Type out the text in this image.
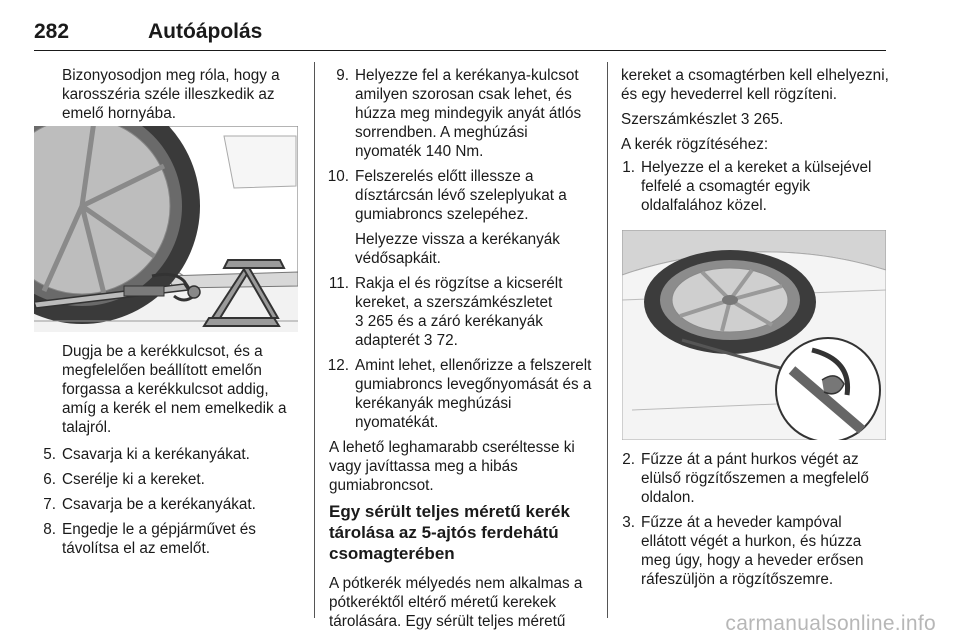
282	Autóápolás

Bizonyosodjon meg róla, hogy a karosszéria széle illeszkedik az emelő hornyába.

Dugja be a kerékkulcsot, és a megfelelően beállított emelőn forgassa a kerékkulcsot addig, amíg a kerék el nem emelkedik a talajról.

5. Csavarja ki a kerékanyákat.
6. Cserélje ki a kereket.
7. Csavarja be a kerékanyákat.
8. Engedje le a gépjárművet és távolítsa el az emelőt.
9. Helyezze fel a kerékanya-kulcsot amilyen szorosan csak lehet, és húzza meg mindegyik anyát átlós sorrendben. A meghúzási nyomaték 140 Nm.
10. Felszerelés előtt illessze a dísztárcsán lévő szeleplyukat a gumiabroncs szelepéhez.

Helyezze vissza a kerékanyák védősapkáit.

11. Rakja el és rögzítse a kicserélt kereket, a szerszámkészletet
3 265 és a záró kerékanyák adapterét 3 72.
12. Amint lehet, ellenőrizze a felszerelt gumiabroncs levegőnyomását és a kerékanyák meghúzási nyomatékát.

A lehető leghamarabb cseréltesse ki vagy javíttassa meg a hibás gumiabroncsot.

Egy sérült teljes méretű kerék tárolása az 5-ajtós ferdehátú csomagterében

A pótkerék mélyedés nem alkalmas a pótkeréktől eltérő méretű kerekek tárolására. Egy sérült teljes méretű

kereket a csomagtérben kell elhelyezni, és egy hevederrel kell rögzíteni.

Szerszámkészlet 3 265.

A kerék rögzítéséhez:

1. Helyezze el a kereket a külsejével felfelé a csomagtér egyik oldalfalához közel.
2. Fűzze át a pánt hurkos végét az elülső rögzítőszemen a megfelelő oldalon.
3. Fűzze át a heveder kampóval ellátott végét a hurkon, és húzza meg úgy, hogy a heveder erősen ráfeszüljön a rögzítőszemre.
carmanualsonline.info
